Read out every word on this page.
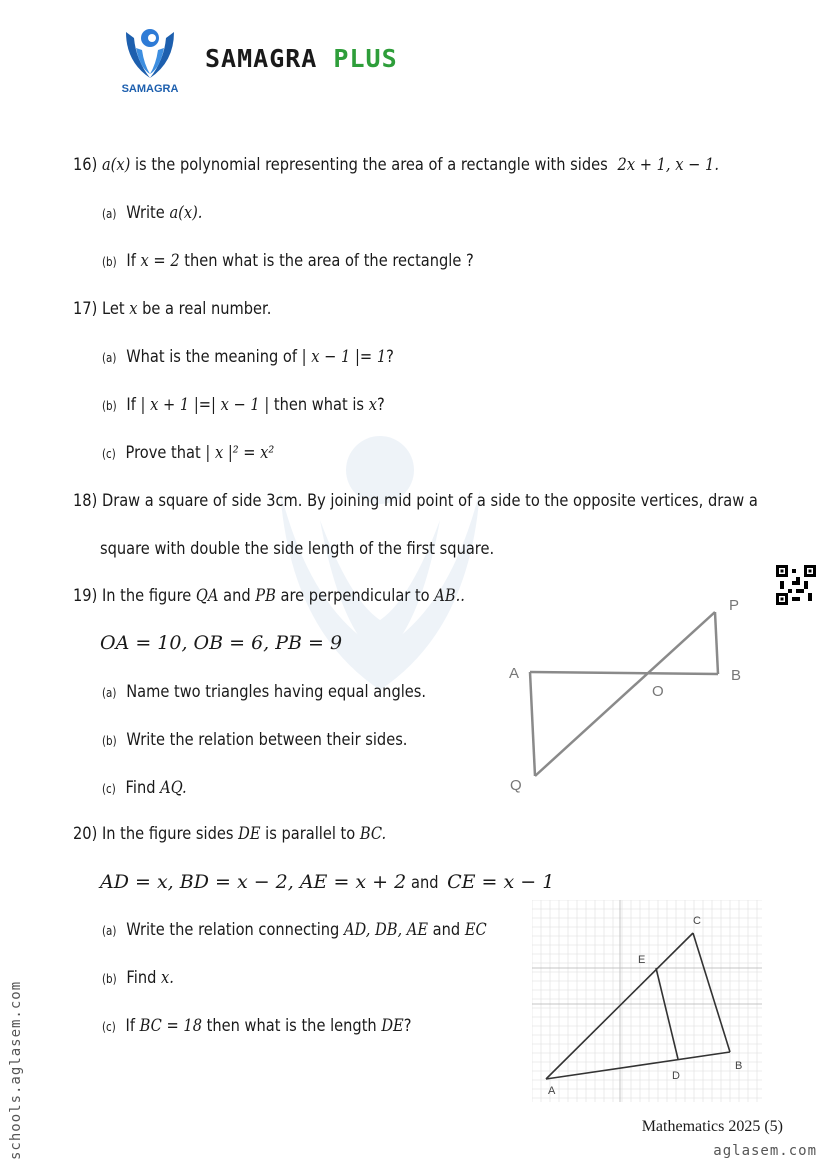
SAMAGRA
SAMAGRA PLUS
16) a(x) is the polynomial representing the area of a rectangle with sides 2x + 1, x − 1.
(a) Write a(x).
(b) If x = 2 then what is the area of the rectangle ?
17) Let x be a real number.
(a) What is the meaning of | x − 1 |= 1?
(b) If | x + 1 |=| x − 1 | then what is x?
(c) Prove that | x |² = x²
18) Draw a square of side 3cm. By joining mid point of a side to the opposite vertices, draw a
square with double the side length of the first square.
19) In the figure QA and PB are perpendicular to AB..
OA = 10, OB = 6, PB = 9
(a) Name two triangles having equal angles.
(b) Write the relation between their sides.
(c) Find AQ.
A	B
O
P
Q
20) In the figure sides DE is parallel to BC.
AD = x, BD = x − 2, AE = x + 2 and CE = x − 1
(a) Write the relation connecting AD, DB, AE and EC
(b) Find x.
(c) If BC = 18 then what is the length DE?
A
B
C
D
E
schools.aglasem.com	Mathematics 2025 (5)
aglasem.com
